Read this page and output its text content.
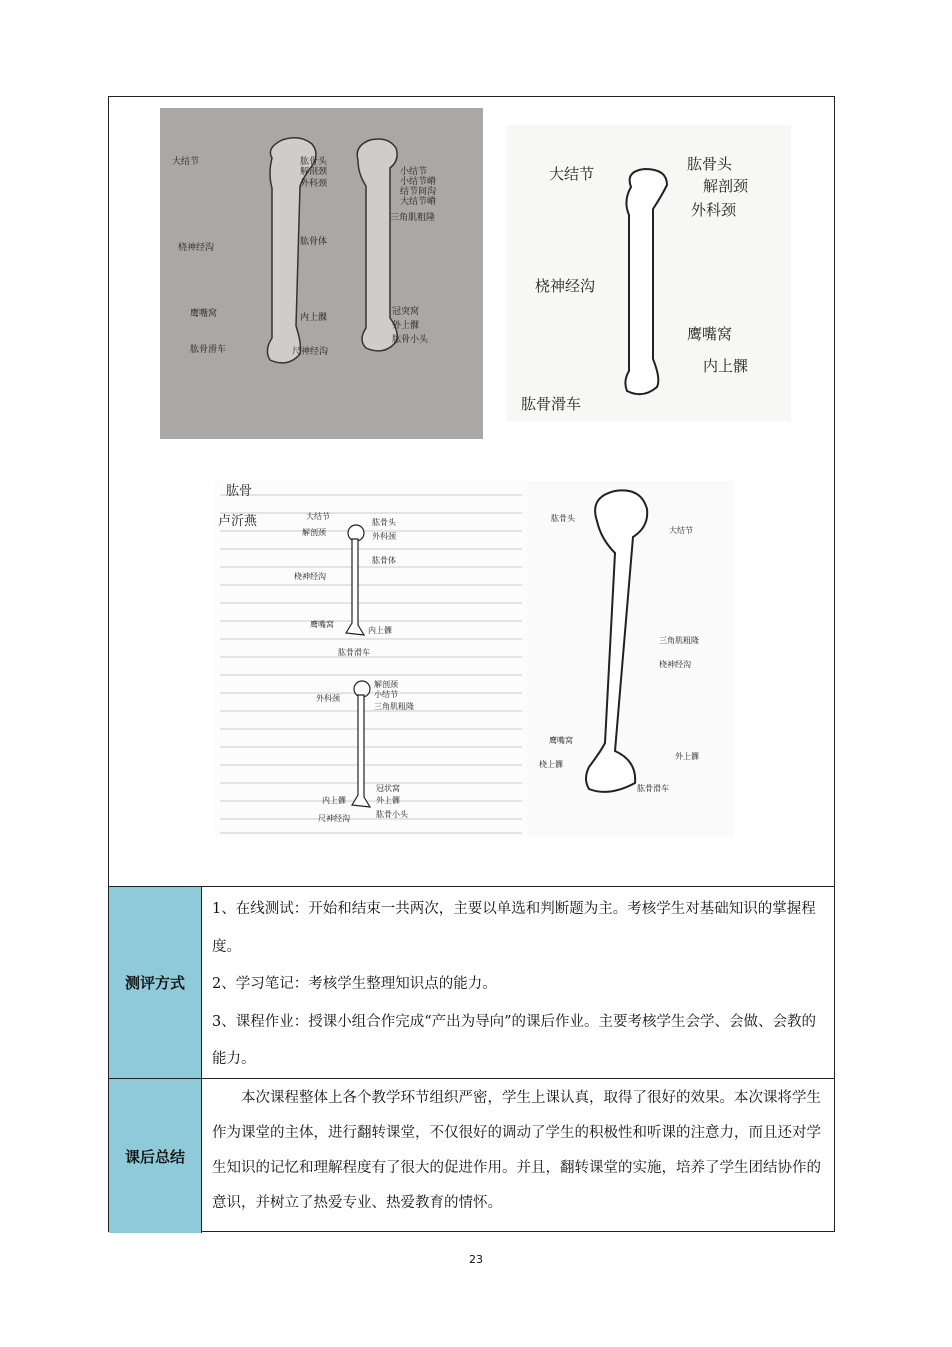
大结节
桡神经沟
鹰嘴窝
肱骨滑车
肱骨头
解剖颈
外科颈
肱骨体
内上髁
尺神经沟
小结节
小结节嵴
结节间沟
大结节嵴
三角肌粗隆
冠突窝
外上髁
肱骨小头
大结节
肱骨头
解剖颈
外科颈
桡神经沟
鹰嘴窝
内上髁
肱骨滑车
肱骨
卢沂燕	大结节
解剖颈
肱骨头
外科颈
肱骨体
桡神经沟
鹰嘴窝
内上髁
肱骨滑车
外科颈
解剖颈
小结节
三角肌粗隆
内上髁
冠状窝
外上髁
尺神经沟	肱骨小头
肱骨头
大结节
三角肌粗隆
桡神经沟
鹰嘴窝
桡上髁
外上髁
肱骨滑车
测评方式

1、在线测试：开始和结束一共两次，主要以单选和判断题为主。考核学生对基础知识的掌握程度。

2、学习笔记：考核学生整理知识点的能力。

3、课程作业：授课小组合作完成“产出为导向”的课后作业。主要考核学生会学、会做、会教的能力。

课后总结

本次课程整体上各个教学环节组织严密，学生上课认真，取得了很好的效果。本次课将学生作为课堂的主体，进行翻转课堂，不仅很好的调动了学生的积极性和听课的注意力，而且还对学生知识的记忆和理解程度有了很大的促进作用。并且，翻转课堂的实施，培养了学生团结协作的意识，并树立了热爱专业、热爱教育的情怀。

23
